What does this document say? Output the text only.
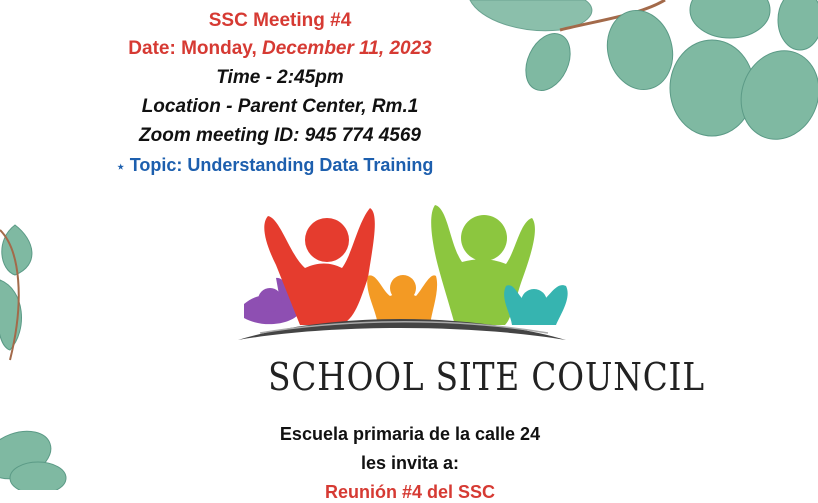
SSC Meeting #4
Date: Monday, December 11, 2023
Time - 2:45pm
Location - Parent Center, Rm.1
Zoom meeting ID: 945 774 4569
⋆ Topic: Understanding Data Training
SCHOOL SITE COUNCIL
Escuela primaria de la calle 24
les invita a:
Reunión #4 del SSC
